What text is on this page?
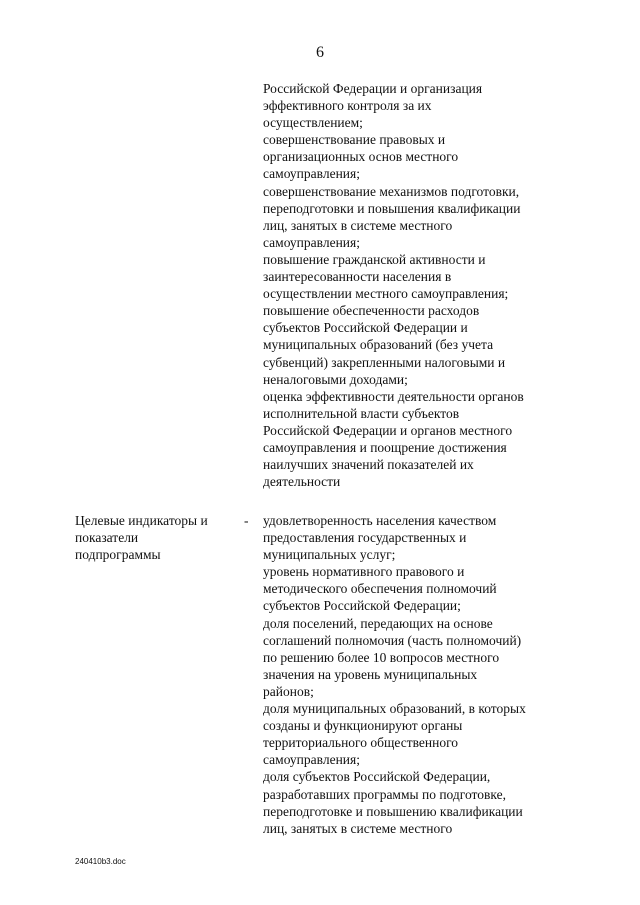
6
Российской Федерации и организация
эффективного контроля за их
осуществлением;
совершенствование правовых и
организационных основ местного
самоуправления;
совершенствование механизмов подготовки,
переподготовки и повышения квалификации
лиц, занятых в системе местного
самоуправления;
повышение гражданской активности и
заинтересованности населения в
осуществлении местного самоуправления;
повышение обеспеченности расходов
субъектов Российской Федерации и
муниципальных образований (без учета
субвенций) закрепленными налоговыми и
неналоговыми доходами;
оценка эффективности деятельности органов
исполнительной власти субъектов
Российской Федерации и органов местного
самоуправления и поощрение достижения
наилучших значений показателей их
деятельности
Целевые индикаторы и
показатели
подпрограммы
- удовлетворенность населения качеством
предоставления государственных и
муниципальных услуг;
уровень нормативного правового и
методического обеспечения полномочий
субъектов Российской Федерации;
доля поселений, передающих на основе
соглашений полномочия (часть полномочий)
по решению более 10 вопросов местного
значения на уровень муниципальных
районов;
доля муниципальных образований, в которых
созданы и функционируют органы
территориального общественного
самоуправления;
доля субъектов Российской Федерации,
разработавших программы по подготовке,
переподготовке и повышению квалификации
лиц, занятых в системе местного
240410b3.doc
